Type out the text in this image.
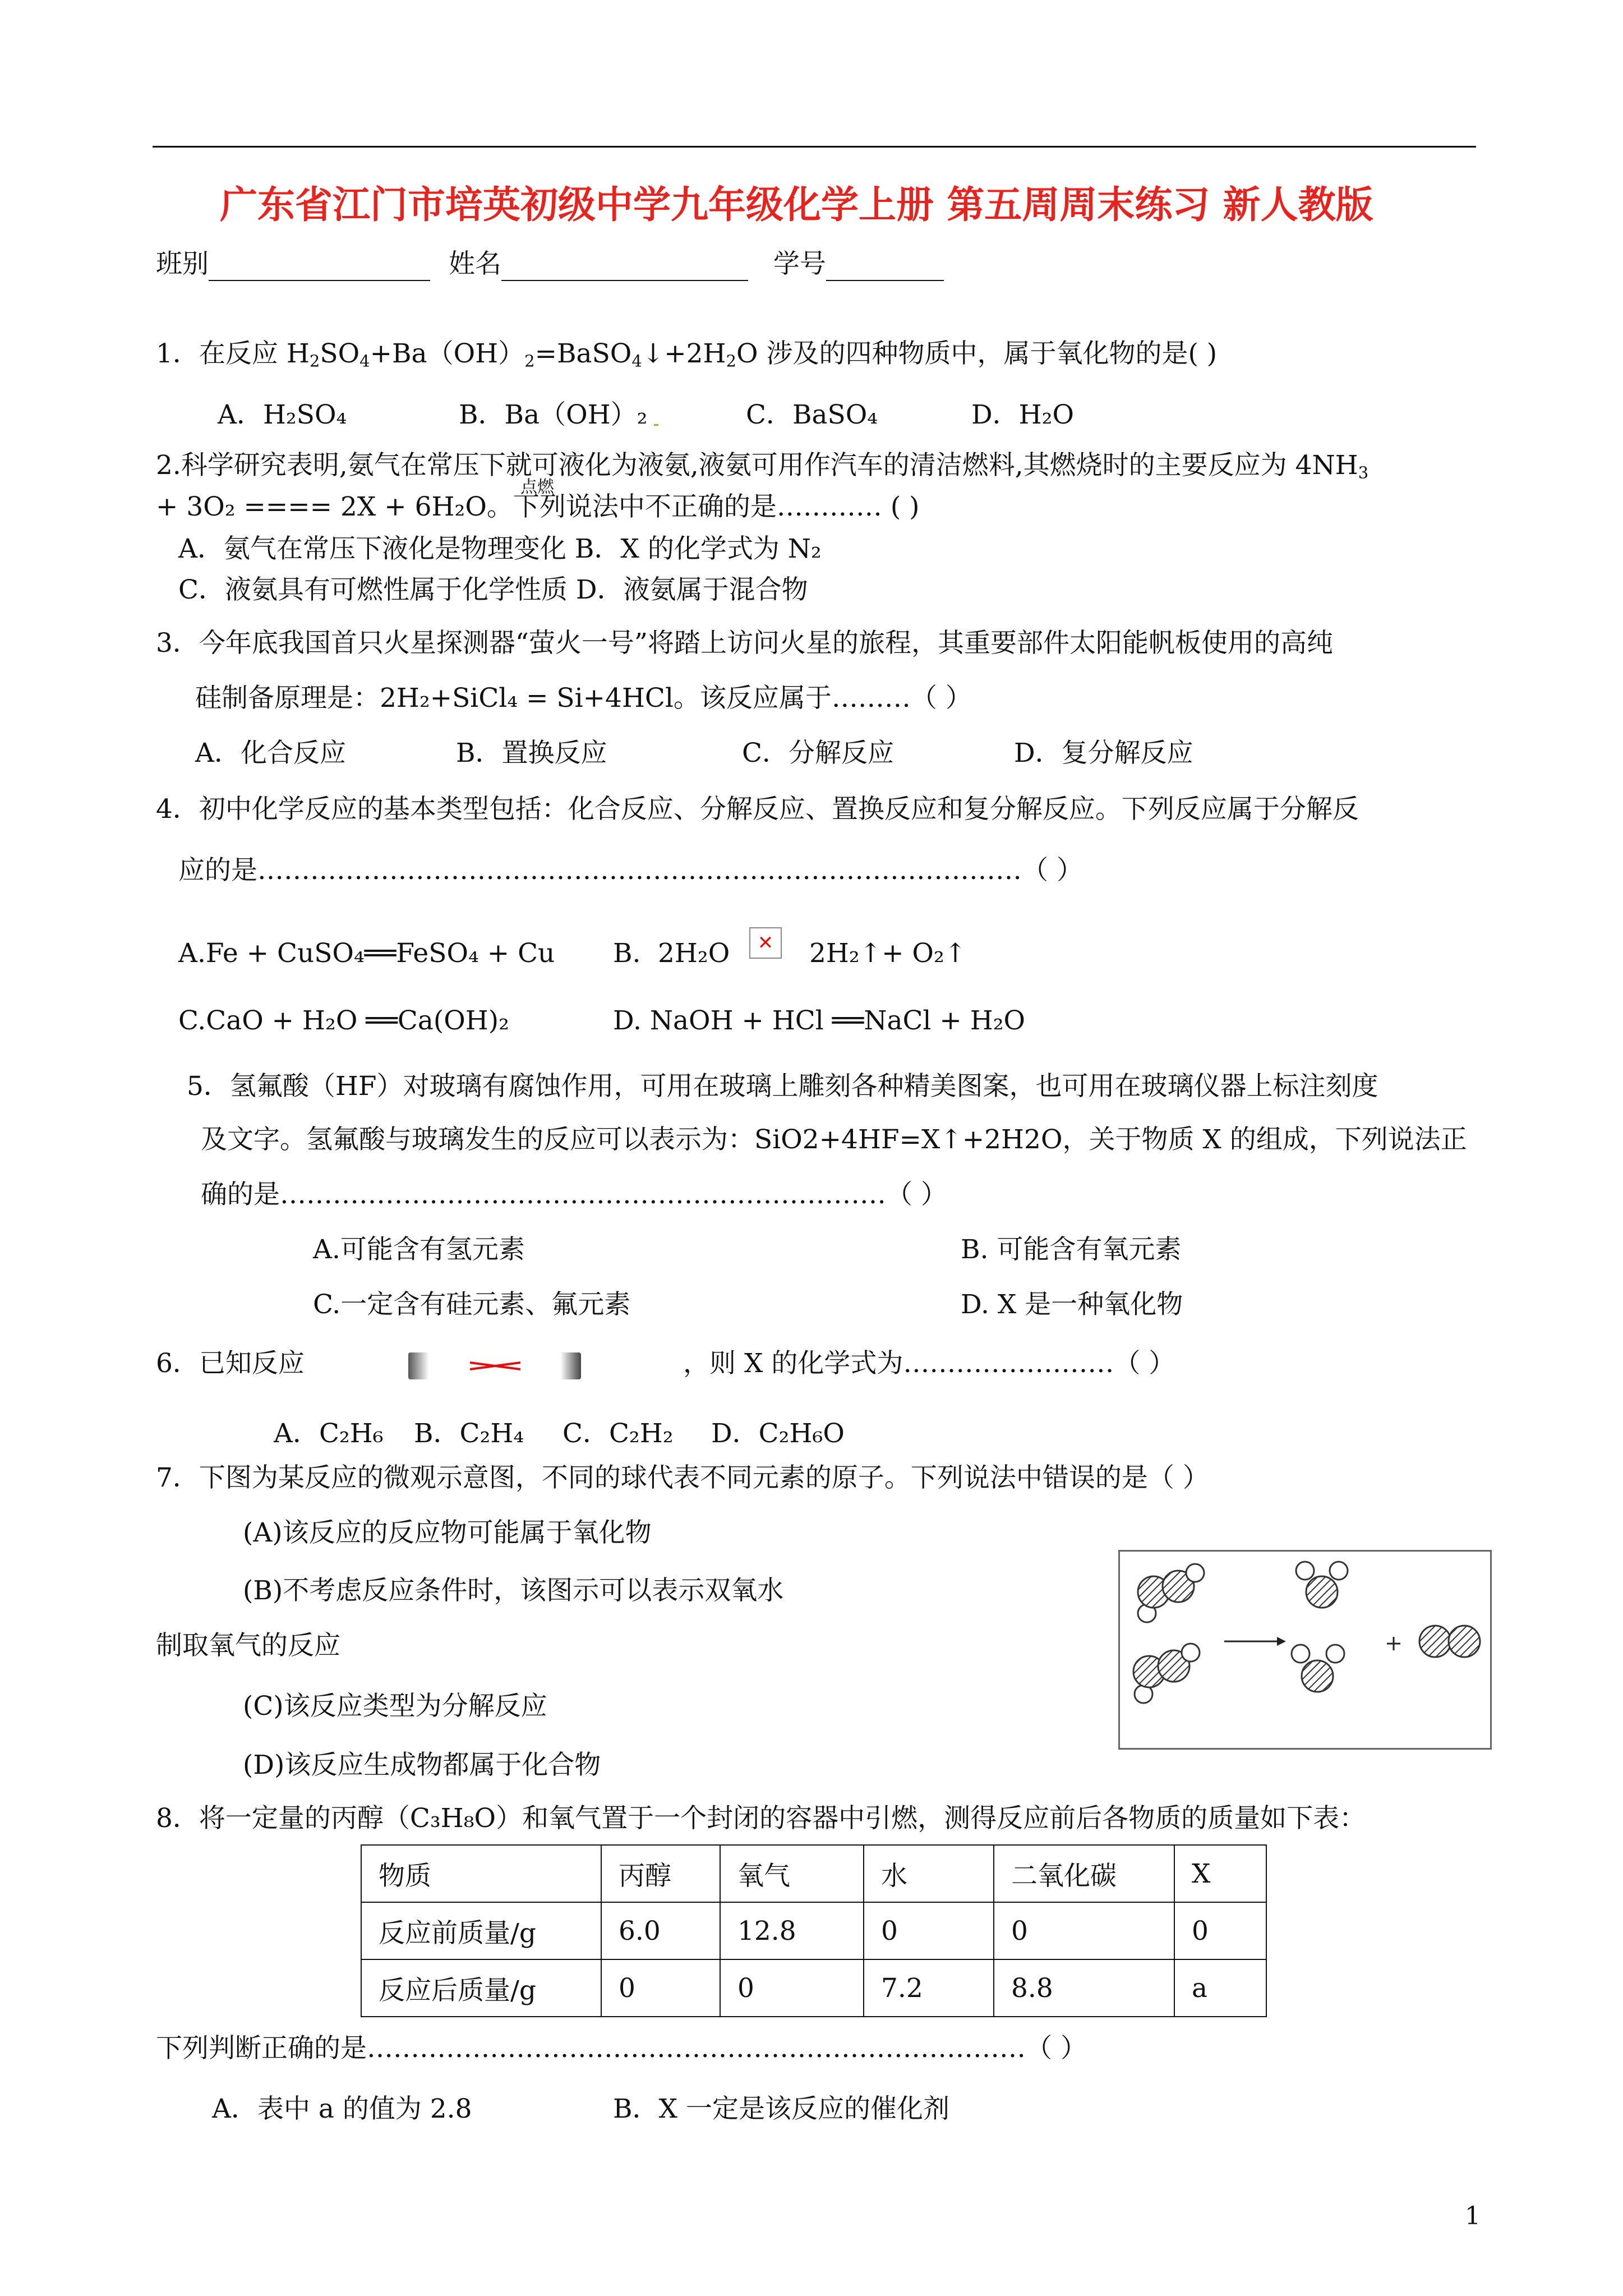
广东省江门市培英初级中学九年级化学上册 第五周周末练习 新人教版
班别	姓名	学号
1．在反应 $H_2SO_4+Ba(OH)_2=BaSO_4↓+2H_2O$ 涉及的四种物质中，属于氧化物的是( )
A．H₂SO₄	B．Ba（OH）₂	C．BaSO₄	D．H₂O
2.科学研究表明,氨气在常压下就可液化为液氨,液氨可用作汽车的清洁燃料,其燃烧时的主要反应为 $4NH_3$
点燃
+ 3O₂ ==== 2X + 6H₂O。下列说法中不正确的是………… ( )
A．氨气在常压下液化是物理变化 B．X 的化学式为 N₂
C．液氨具有可燃性属于化学性质 D．液氨属于混合物
3．今年底我国首只火星探测器“萤火一号”将踏上访问火星的旅程，其重要部件太阳能帆板使用的高纯
硅制备原理是：2H₂+SiCl₄ = Si+4HCl。该反应属于………（ ）
A．化合反应	B．置换反应	C．分解反应	D．复分解反应
4．初中化学反应的基本类型包括：化合反应、分解反应、置换反应和复分解反应。下列反应属于分解反
应的是……………………………………………………………………………（ ）
A.Fe + CuSO₄══FeSO₄ + Cu B. 2H₂O	✕ 2H₂↑+ O₂↑
C.CaO + H₂O ══Ca(OH)₂	D. NaOH + HCl ══NaCl + H₂O
5．氢氟酸（HF）对玻璃有腐蚀作用，可用在玻璃上雕刻各种精美图案，也可用在玻璃仪器上标注刻度
及文字。氢氟酸与玻璃发生的反应可以表示为：SiO2+4HF=X↑+2H2O，关于物质 X 的组成，下列说法正
确的是……………………………………………………………（ ）
A.可能含有氢元素	B. 可能含有氧元素
C.一定含有硅元素、氟元素	D. X 是一种氧化物
6．已知反应	，则 X 的化学式为……………………（ ）
A．C₂H₆ B．C₂H₄ C．C₂H₂ D．C₂H₆O
7．下图为某反应的微观示意图，不同的球代表不同元素的原子。下列说法中错误的是（ ）
(A)该反应的反应物可能属于氧化物
(B)不考虑反应条件时，该图示可以表示双氧水
制取氧气的反应
(C)该反应类型为分解反应
(D)该反应生成物都属于化合物
8．将一定量的丙醇（C₃H₈O）和氧气置于一个封闭的容器中引燃，测得反应前后各物质的质量如下表：
物质	丙醇	氧气	水	二氧化碳	X
反应前质量/g	6.0	12.8	0	0	0
反应后质量/g	0	0	7.2	8.8	a
下列判断正确的是…………………………………………………………………（ ）
A．表中 a 的值为 2.8	B．X 一定是该反应的催化剂
1
